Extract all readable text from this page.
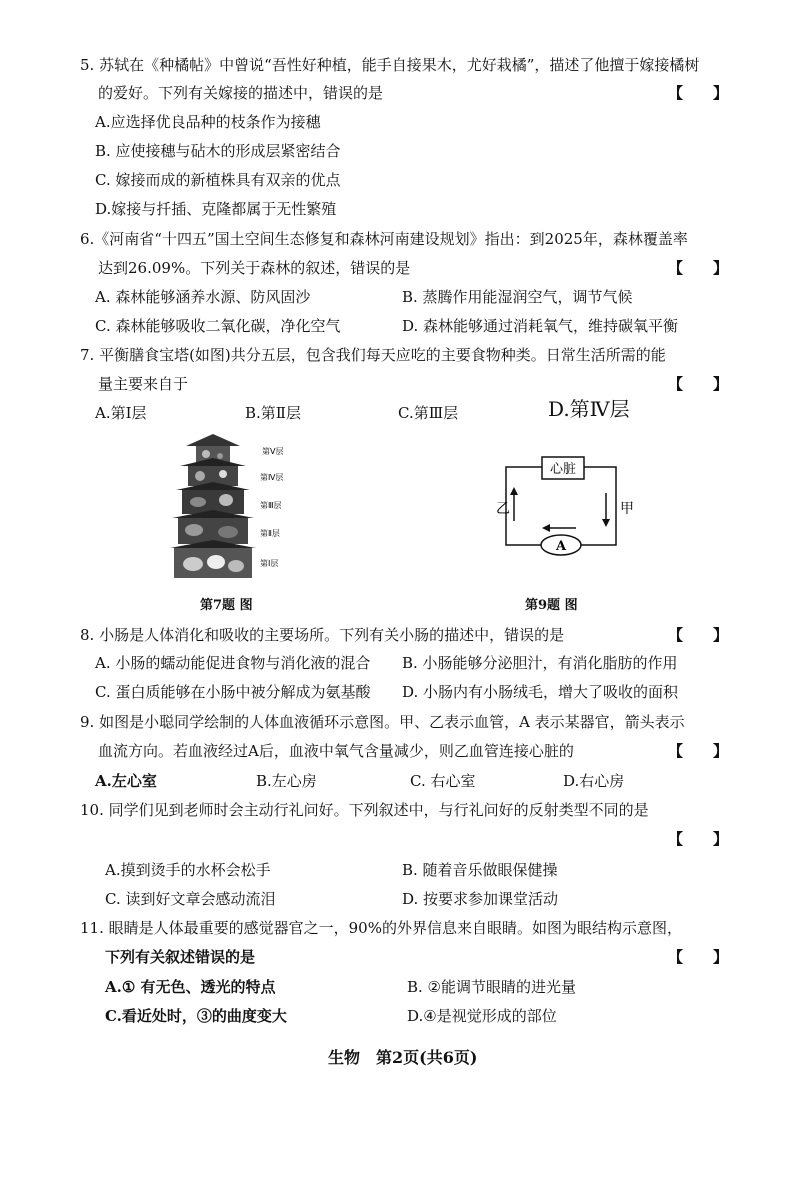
5. 苏轼在《种橘帖》中曾说“吾性好种植，能手自接果木，尤好栽橘”，描述了他擅于嫁接橘树
的爱好。下列有关嫁接的描述中，错误的是	【　　】
A.应选择优良品种的枝条作为接穗
B. 应使接穗与砧木的形成层紧密结合
C. 嫁接而成的新植株具有双亲的优点
D.嫁接与扦插、克隆都属于无性繁殖
6.《河南省“十四五”国土空间生态修复和森林河南建设规划》指出：到2025年，森林覆盖率
达到26.09%。下列关于森林的叙述，错误的是	【　　】
A. 森林能够涵养水源、防风固沙	B. 蒸腾作用能湿润空气，调节气候
C. 森林能够吸收二氧化碳，净化空气	D. 森林能够通过消耗氧气，维持碳氧平衡
7. 平衡膳食宝塔(如图)共分五层，包含我们每天应吃的主要食物种类。日常生活所需的能
量主要来自于	【　　】
A.第Ⅰ层	B.第Ⅱ层	C.第Ⅲ层	D.第Ⅳ层
第Ⅴ层
第Ⅳ层
第Ⅲ层
第Ⅱ层
第Ⅰ层
心脏
A
乙	甲
第7题 图	第9题 图
8. 小肠是人体消化和吸收的主要场所。下列有关小肠的描述中，错误的是	【　　】
A. 小肠的蠕动能促进食物与消化液的混合 B. 小肠能够分泌胆汁，有消化脂肪的作用
C. 蛋白质能够在小肠中被分解成为氨基酸 D. 小肠内有小肠绒毛，增大了吸收的面积
9. 如图是小聪同学绘制的人体血液循环示意图。甲、乙表示血管，A 表示某器官，箭头表示
血流方向。若血液经过A后，血液中氧气含量减少，则乙血管连接心脏的	【　　】
A.左心室	B.左心房	C. 右心室	D.右心房
10. 同学们见到老师时会主动行礼问好。下列叙述中，与行礼问好的反射类型不同的是
【　　】
A.摸到烫手的水杯会松手	B. 随着音乐做眼保健操
C. 读到好文章会感动流泪	D. 按要求参加课堂活动
11. 眼睛是人体最重要的感觉器官之一，90%的外界信息来自眼睛。如图为眼结构示意图，
下列有关叙述错误的是	【　　】
A.① 有无色、透光的特点	B. ②能调节眼睛的进光量
C.看近处时，③的曲度变大	D.④是视觉形成的部位
生物　第2页(共6页)
